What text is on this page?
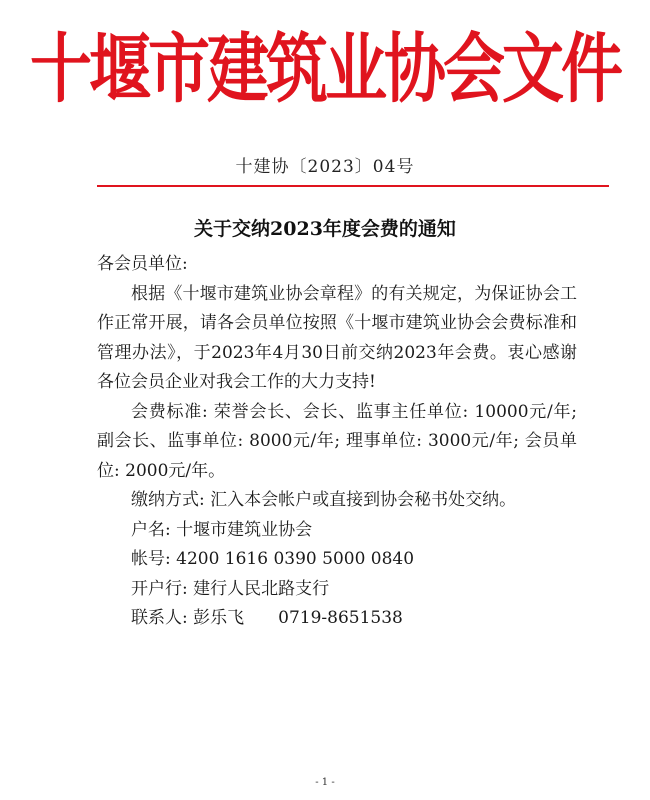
十堰市建筑业协会文件
十建协〔2023〕04号
关于交纳2023年度会费的通知

各会员单位:

根据《十堰市建筑业协会章程》的有关规定，为保证协会工作正常开展，请各会员单位按照《十堰市建筑业协会会费标准和管理办法》，于2023年4月30日前交纳2023年会费。衷心感谢各位会员企业对我会工作的大力支持!

会费标准: 荣誉会长、会长、监事主任单位: 10000元/年; 副会长、监事单位: 8000元/年; 理事单位: 3000元/年; 会员单位: 2000元/年。

缴纳方式: 汇入本会帐户或直接到协会秘书处交纳。

户名: 十堰市建筑业协会

帐号: 4200 1616 0390 5000 0840

开户行: 建行人民北路支行

联系人: 彭乐飞 0719-8651538

- 1 -
